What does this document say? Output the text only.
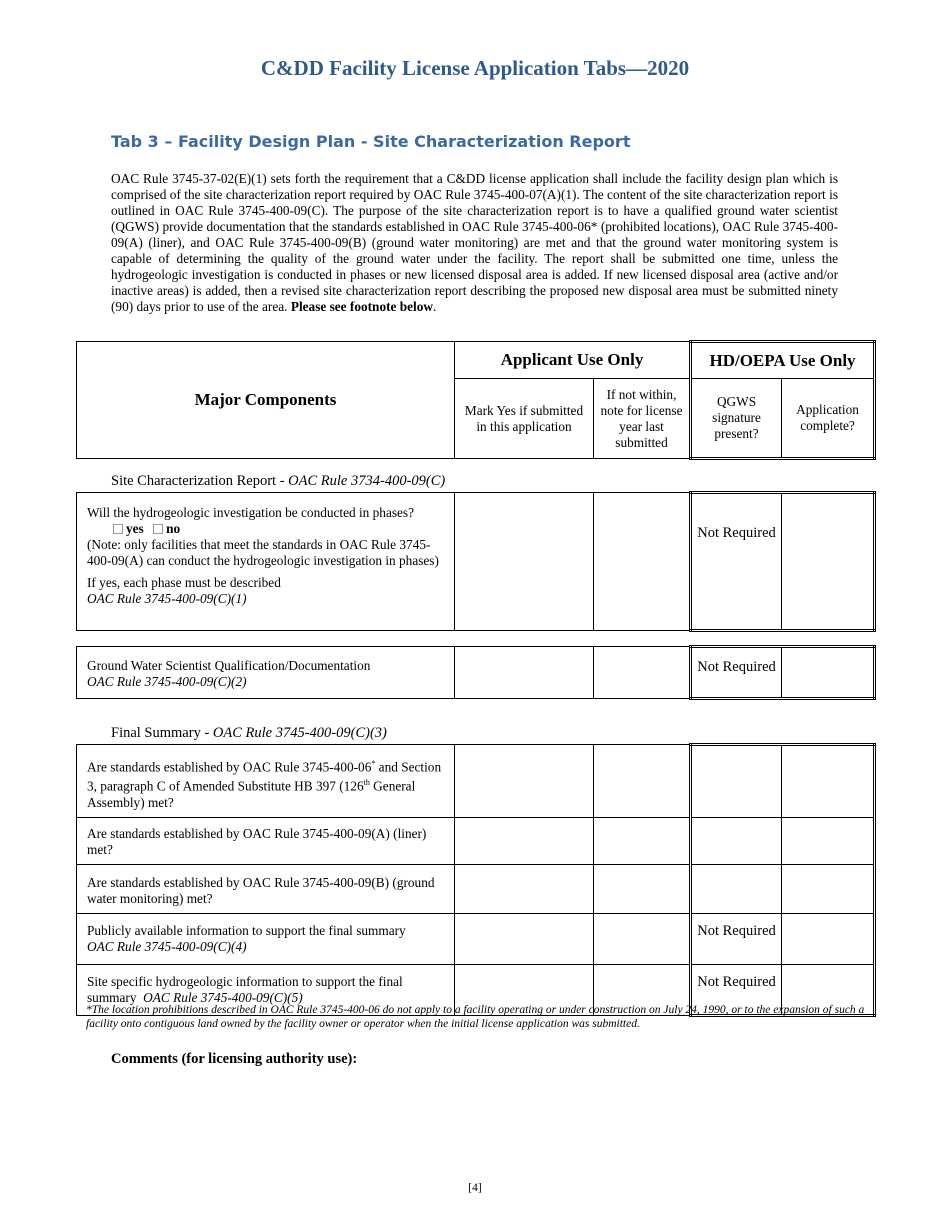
C&DD Facility License Application Tabs—2020
Tab 3 – Facility Design Plan - Site Characterization Report
OAC Rule 3745-37-02(E)(1) sets forth the requirement that a C&DD license application shall include the facility design plan which is comprised of the site characterization report required by OAC Rule 3745-400-07(A)(1). The content of the site characterization report is outlined in OAC Rule 3745-400-09(C). The purpose of the site characterization report is to have a qualified ground water scientist (QGWS) provide documentation that the standards established in OAC Rule 3745-400-06* (prohibited locations), OAC Rule 3745-400-09(A) (liner), and OAC Rule 3745-400-09(B) (ground water monitoring) are met and that the ground water monitoring system is capable of determining the quality of the ground water under the facility. The report shall be submitted one time, unless the hydrogeologic investigation is conducted in phases or new licensed disposal area is added. If new licensed disposal area (active and/or inactive areas) is added, then a revised site characterization report describing the proposed new disposal area must be submitted ninety (90) days prior to use of the area. Please see footnote below.
Major Components	Applicant Use Only		HD/OEPA Use Only	
	Mark Yes if submitted in this application	If not within, note for license year last submitted	QGWS signature present?	Application complete?
Site Characterization Report - OAC Rule 3734-400-09(C)
Will the hydrogeologic investigation be conducted in phases? yes no
(Note: only facilities that meet the standards in OAC Rule 3745-400-09(A) can conduct the hydrogeologic investigation in phases)
If yes, each phase must be described
OAC Rule 3745-400-09(C)(1)
			Not Required	
Ground Water Scientist Qualification/Documentation
OAC Rule 3745-400-09(C)(2)
			Not Required	
Final Summary - OAC Rule 3745-400-09(C)(3)
Are standards established by OAC Rule 3745-400-06* and Section 3, paragraph C of Amended Substitute HB 397 (126th General Assembly) met?				

Are standards established by OAC Rule 3745-400-09(A) (liner) met?				

Are standards established by OAC Rule 3745-400-09(B) (ground water monitoring) met?				

Publicly available information to support the final summary
OAC Rule 3745-400-09(C)(4)			Not Required	

Site specific hydrogeologic information to support the final summary OAC Rule 3745-400-09(C)(5)			Not Required	
*The location prohibitions described in OAC Rule 3745-400-06 do not apply to a facility operating or under construction on July 24, 1990, or to the expansion of such a facility onto contiguous land owned by the facility owner or operator when the initial license application was submitted.
Comments (for licensing authority use):
[4]
